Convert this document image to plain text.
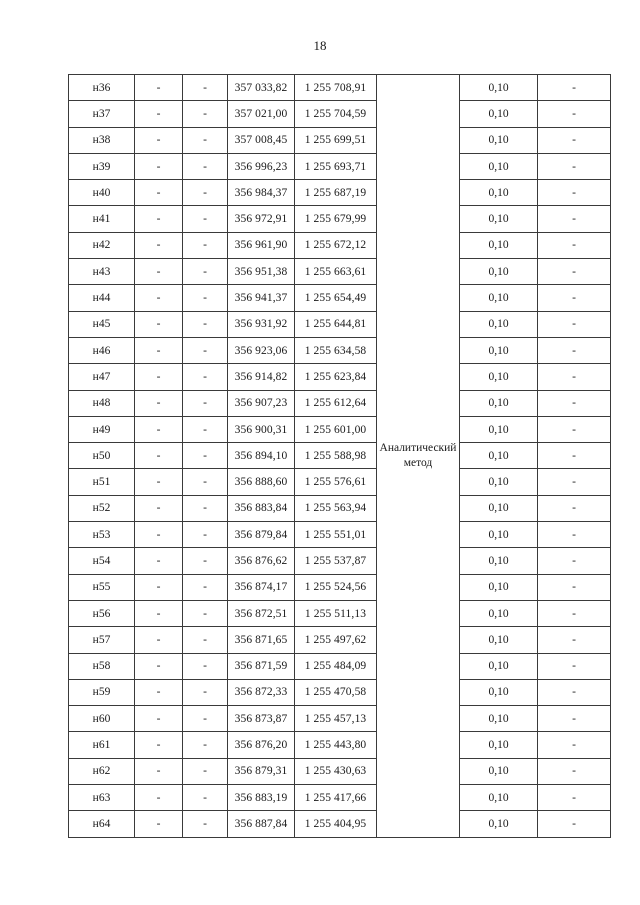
18
н36	-	-	357 033,82	1 255 708,91	Аналитический метод	0,10	-
н37	-	-	357 021,00	1 255 704,59		0,10	-
н38	-	-	357 008,45	1 255 699,51		0,10	-
н39	-	-	356 996,23	1 255 693,71		0,10	-
н40	-	-	356 984,37	1 255 687,19		0,10	-
н41	-	-	356 972,91	1 255 679,99		0,10	-
н42	-	-	356 961,90	1 255 672,12		0,10	-
н43	-	-	356 951,38	1 255 663,61		0,10	-
н44	-	-	356 941,37	1 255 654,49		0,10	-
н45	-	-	356 931,92	1 255 644,81		0,10	-
н46	-	-	356 923,06	1 255 634,58		0,10	-
н47	-	-	356 914,82	1 255 623,84		0,10	-
н48	-	-	356 907,23	1 255 612,64		0,10	-
н49	-	-	356 900,31	1 255 601,00		0,10	-
н50	-	-	356 894,10	1 255 588,98		0,10	-
н51	-	-	356 888,60	1 255 576,61		0,10	-
н52	-	-	356 883,84	1 255 563,94		0,10	-
н53	-	-	356 879,84	1 255 551,01		0,10	-
н54	-	-	356 876,62	1 255 537,87		0,10	-
н55	-	-	356 874,17	1 255 524,56		0,10	-
н56	-	-	356 872,51	1 255 511,13		0,10	-
н57	-	-	356 871,65	1 255 497,62		0,10	-
н58	-	-	356 871,59	1 255 484,09		0,10	-
н59	-	-	356 872,33	1 255 470,58		0,10	-
н60	-	-	356 873,87	1 255 457,13		0,10	-
н61	-	-	356 876,20	1 255 443,80		0,10	-
н62	-	-	356 879,31	1 255 430,63		0,10	-
н63	-	-	356 883,19	1 255 417,66		0,10	-
н64	-	-	356 887,84	1 255 404,95		0,10	-
